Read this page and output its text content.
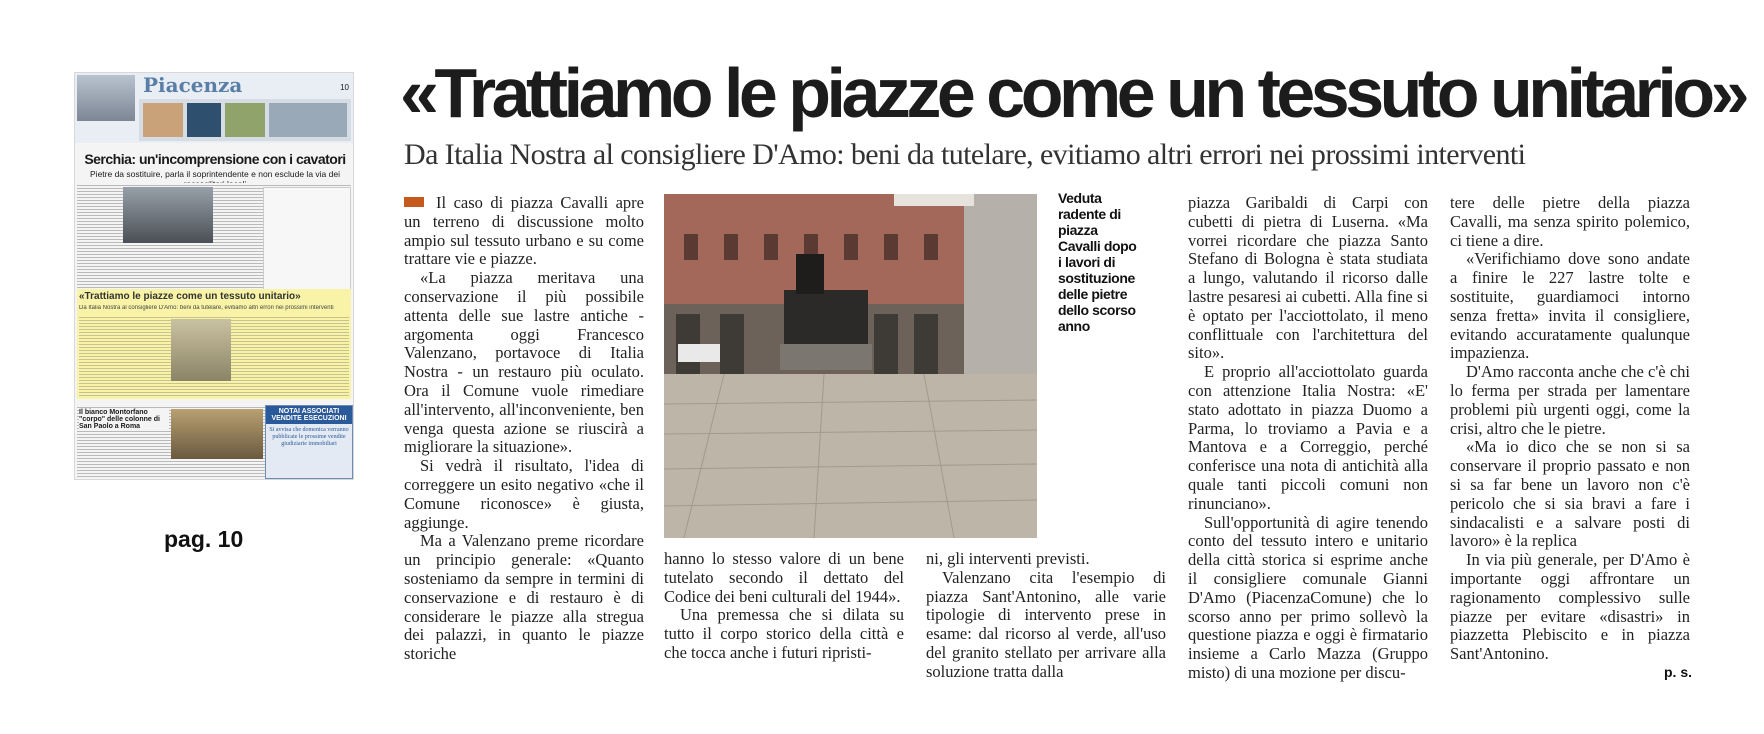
Piacenza	10
Serchia: un'incomprensione con i cavatori
Pietre da sostituire, parla il soprintendente e non esclude la via dei
«Trattiamo le piazze come un tessuto unitario»
Da Italia Nostra al consigliere D'Amo: beni da tutelare, evitiamo altri errori nei prossimi interventi
Il bianco Montorfano "corpo" delle colonne di San Paolo a Roma
NOTAI ASSOCIATI VENDITE ESECUZIONI
Si avvisa che domenica verranno pubblicate le prossime vendite giudiziarie immobiliari
pag. 10
«Trattiamo le piazze come un tessuto unitario»
Da Italia Nostra al consigliere D'Amo: beni da tutelare, evitiamo altri errori nei prossimi interventi

Il caso di piazza Cavalli apre un terreno di discussione molto ampio sul tessuto urbano e su come trattare vie e piazze.

«La piazza meritava una conservazione il più possibile attenta delle sue lastre antiche - argomenta oggi Francesco Valenzano, portavoce di Italia Nostra - un restauro più oculato. Ora il Comune vuole rimediare all'intervento, all'inconveniente, ben venga questa azione se riuscirà a migliorare la situazione».

Si vedrà il risultato, l'idea di correggere un esito negativo «che il Comune riconosce» è giusta, aggiunge.

Ma a Valenzano preme ricordare un principio generale: «Quanto sosteniamo da sempre in termini di conservazione e di restauro è di considerare le piazze alla stregua dei palazzi, in quanto le piazze storiche

Veduta radente di piazza Cavalli dopo i lavori di sostituzione delle pietre dello scorso anno

hanno lo stesso valore di un bene tutelato secondo il dettato del Codice dei beni culturali del 1944».

Una premessa che si dilata su tutto il corpo storico della città e che tocca anche i futuri ripristi-

ni, gli interventi previsti.

Valenzano cita l'esempio di piazza Sant'Antonino, alle varie tipologie di intervento prese in esame: dal ricorso al verde, all'uso del granito stellato per arrivare alla soluzione tratta dalla

piazza Garibaldi di Carpi con cubetti di pietra di Luserna. «Ma vorrei ricordare che piazza Santo Stefano di Bologna è stata studiata a lungo, valutando il ricorso dalle lastre pesaresi ai cubetti. Alla fine si è optato per l'acciottolato, il meno conflittuale con l'architettura del sito».

E proprio all'acciottolato guarda con attenzione Italia Nostra: «E' stato adottato in piazza Duomo a Parma, lo troviamo a Pavia e a Mantova e a Correggio, perché conferisce una nota di antichità alla quale tanti piccoli comuni non rinunciano».

Sull'opportunità di agire tenendo conto del tessuto intero e unitario della città storica si esprime anche il consigliere comunale Gianni D'Amo (PiacenzaComune) che lo scorso anno per primo sollevò la questione piazza e oggi è firmatario insieme a Carlo Mazza (Gruppo misto) di una mozione per discu-

tere delle pietre della piazza Cavalli, ma senza spirito polemico, ci tiene a dire.

«Verifichiamo dove sono andate a finire le 227 lastre tolte e sostituite, guardiamoci intorno senza fretta» invita il consigliere, evitando accuratamente qualunque impazienza.

D'Amo racconta anche che c'è chi lo ferma per strada per lamentare problemi più urgenti oggi, come la crisi, altro che le pietre.

«Ma io dico che se non si sa conservare il proprio passato e non si sa far bene un lavoro non c'è pericolo che si sia bravi a fare i sindacalisti e a salvare posti di lavoro» è la replica

In via più generale, per D'Amo è importante oggi affrontare un ragionamento complessivo sulle piazze per evitare «disastri» in piazzetta Plebiscito e in piazza Sant'Antonino.

p. s.
